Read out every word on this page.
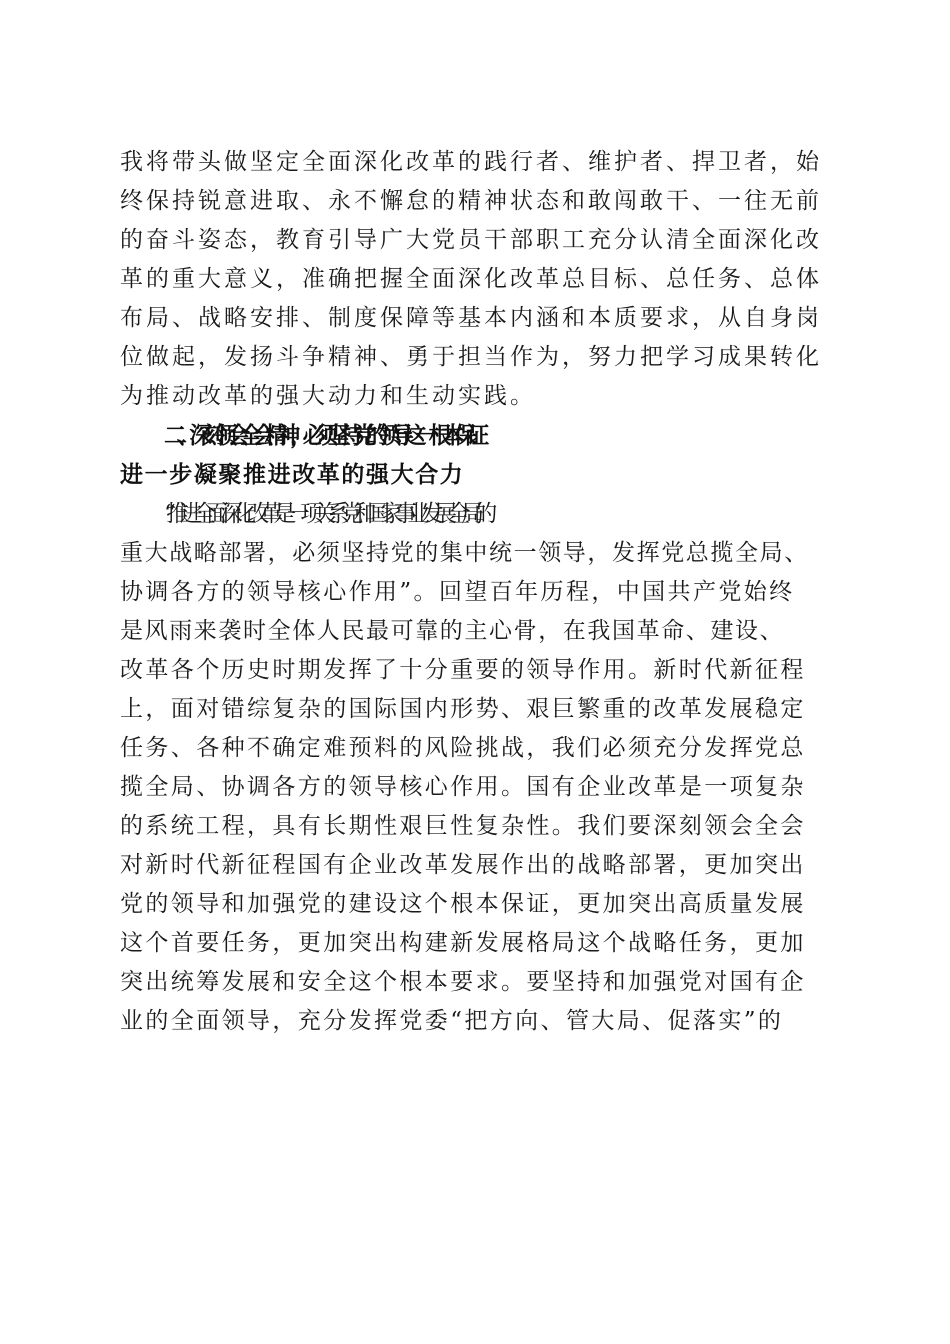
我将带头做坚定全面深化改革的践行者、维护者、捍卫者，始
终保持锐意进取、永不懈怠的精神状态和敢闯敢干、一往无前
的奋斗姿态，教育引导广大党员干部职工充分认清全面深化改
革的重大意义，准确把握全面深化改革总目标、总任务、总体
布局、战略安排、制度保障等基本内涵和本质要求，从自身岗
位做起，发扬斗争精神、勇于担当作为，努力把学习成果转化
为推动改革的强大动力和生动实践。
二、深刻领会全会精神，必须坚持党的领导这一根本保证
进一步凝聚推进改革的强大合力
“推进全面深化改革是一项关系党和国家事业发展全局的
重大战略部署，必须坚持党的集中统一领导，发挥党总揽全局、
协调各方的领导核心作用”。回望百年历程，中国共产党始终
是风雨来袭时全体人民最可靠的主心骨，在我国革命、建设、
改革各个历史时期发挥了十分重要的领导作用。新时代新征程
上，面对错综复杂的国际国内形势、艰巨繁重的改革发展稳定
任务、各种不确定难预料的风险挑战，我们必须充分发挥党总
揽全局、协调各方的领导核心作用。国有企业改革是一项复杂
的系统工程，具有长期性艰巨性复杂性。我们要深刻领会全会
对新时代新征程国有企业改革发展作出的战略部署，更加突出
党的领导和加强党的建设这个根本保证，更加突出高质量发展
这个首要任务，更加突出构建新发展格局这个战略任务，更加
突出统筹发展和安全这个根本要求。要坚持和加强党对国有企
业的全面领导，充分发挥党委“把方向、管大局、促落实”的
